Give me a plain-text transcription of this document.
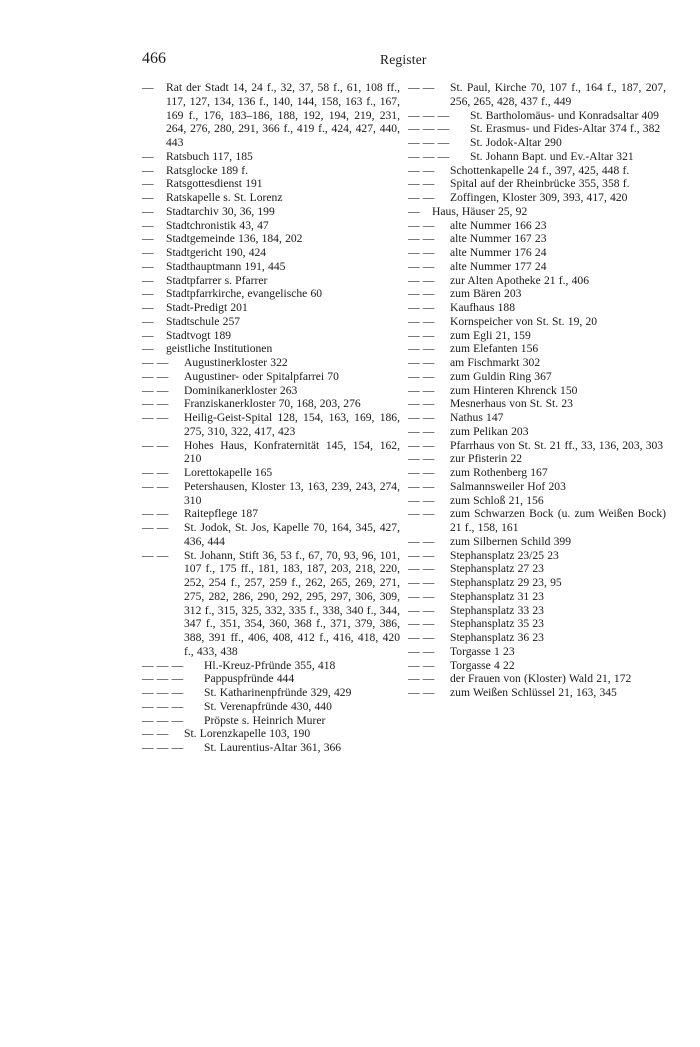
466	Register
—
Rat der Stadt 14, 24 f., 32, 37, 58 f., 61, 108 ff., 117, 127, 134, 136 f., 140, 144, 158, 163 f., 167, 169 f., 176, 183–186, 188, 192, 194, 219, 231, 264, 276, 280, 291, 366 f., 419 f., 424, 427, 440, 443
—
Ratsbuch 117, 185
—
Ratsglocke 189 f.
—
Ratsgottesdienst 191
—
Ratskapelle s. St. Lorenz
—
Stadtarchiv 30, 36, 199
—
Stadtchronistik 43, 47
—
Stadtgemeinde 136, 184, 202
—
Stadtgericht 190, 424
—
Stadthauptmann 191, 445
—
Stadtpfarrer s. Pfarrer
—
Stadtpfarrkirche, evangelische 60
—
Stadt-Predigt 201
—
Stadtschule 257
—
Stadtvogt 189
—
geistliche Institutionen
— —
Augustinerkloster 322
— —
Augustiner- oder Spitalpfarrei 70
— —
Dominikanerkloster 263
— —
Franziskanerkloster 70, 168, 203, 276
— —
Heilig-Geist-Spital 128, 154, 163, 169, 186, 275, 310, 322, 417, 423
— —
Hohes Haus, Konfraternität 145, 154, 162, 210
— —
Lorettokapelle 165
— —
Petershausen, Kloster 13, 163, 239, 243, 274, 310
— —
Raitepflege 187
— —
St. Jodok, St. Jos, Kapelle 70, 164, 345, 427, 436, 444
— —
St. Johann, Stift 36, 53 f., 67, 70, 93, 96, 101, 107 f., 175 ff., 181, 183, 187, 203, 218, 220, 252, 254 f., 257, 259 f., 262, 265, 269, 271, 275, 282, 286, 290, 292, 295, 297, 306, 309, 312 f., 315, 325, 332, 335 f., 338, 340 f., 344, 347 f., 351, 354, 360, 368 f., 371, 379, 386, 388, 391 ff., 406, 408, 412 f., 416, 418, 420 f., 433, 438
— — —
Hl.-Kreuz-Pfründe 355, 418
— — —
Pappuspfründe 444
— — —
St. Katharinenpfründe 329, 429
— — —
St. Verenapfründe 430, 440
— — —
Pröpste s. Heinrich Murer
— —
St. Lorenzkapelle 103, 190
— — —
St. Laurentius-Altar 361, 366
— —
St. Paul, Kirche 70, 107 f., 164 f., 187, 207, 256, 265, 428, 437 f., 449
— — —
St. Bartholomäus- und Konradsaltar 409
— — —
St. Erasmus- und Fides-Altar 374 f., 382
— — —
St. Jodok-Altar 290
— — —
St. Johann Bapt. und Ev.-Altar 321
— —
Schottenkapelle 24 f., 397, 425, 448 f.
— —
Spital auf der Rheinbrücke 355, 358 f.
— —
Zoffingen, Kloster 309, 393, 417, 420
—
Haus, Häuser 25, 92
— —
alte Nummer 166 23
— —
alte Nummer 167 23
— —
alte Nummer 176 24
— —
alte Nummer 177 24
— —
zur Alten Apotheke 21 f., 406
— —
zum Bären 203
— —
Kaufhaus 188
— —
Kornspeicher von St. St. 19, 20
— —
zum Egli 21, 159
— —
zum Elefanten 156
— —
am Fischmarkt 302
— —
zum Guldin Ring 367
— —
zum Hinteren Khrenck 150
— —
Mesnerhaus von St. St. 23
— —
Nathus 147
— —
zum Pelikan 203
— —
Pfarrhaus von St. St. 21 ff., 33, 136, 203, 303
— —
zur Pfisterin 22
— —
zum Rothenberg 167
— —
Salmannsweiler Hof 203
— —
zum Schloß 21, 156
— —
zum Schwarzen Bock (u. zum Weißen Bock) 21 f., 158, 161
— —
zum Silbernen Schild 399
— —
Stephansplatz 23/25 23
— —
Stephansplatz 27 23
— —
Stephansplatz 29 23, 95
— —
Stephansplatz 31 23
— —
Stephansplatz 33 23
— —
Stephansplatz 35 23
— —
Stephansplatz 36 23
— —
Torgasse 1 23
— —
Torgasse 4 22
— —
der Frauen von (Kloster) Wald 21, 172
— —
zum Weißen Schlüssel 21, 163, 345
